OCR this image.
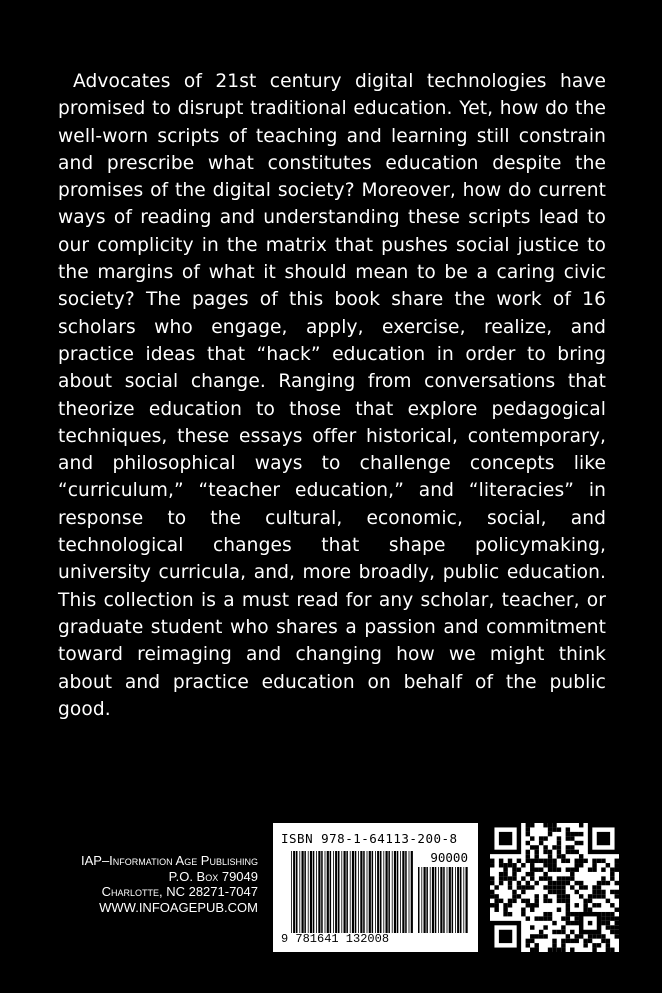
Advocates of 21st century digital technologies have promised to disrupt traditional education. Yet, how do the well-worn scripts of teaching and learning still constrain and prescribe what constitutes education despite the promises of the digital society? Moreover, how do current ways of reading and understanding these scripts lead to our complicity in the matrix that pushes social justice to the margins of what it should mean to be a caring civic society? The pages of this book share the work of 16 scholars who engage, apply, exercise, realize, and practice ideas that “hack” education in order to bring about social change. Ranging from conversations that theorize education to those that explore pedagogical techniques, these essays offer historical, contemporary, and philosophical ways to challenge concepts like “curriculum,” “teacher education,” and “literacies” in response to the cultural, economic, social, and technological changes that shape policymaking, university curricula, and, more broadly, public education. This collection is a must read for any scholar, teacher, or graduate student who shares a passion and commitment toward reimaging and changing how we might think about and practice education on behalf of the public good.

IAP–Information Age Publishing
P.O. Box 79049
Charlotte, NC 28271-7047
WWW.INFOAGEPUB.COM
ISBN 978-1-64113-200-8
90000
9 781641 132008
